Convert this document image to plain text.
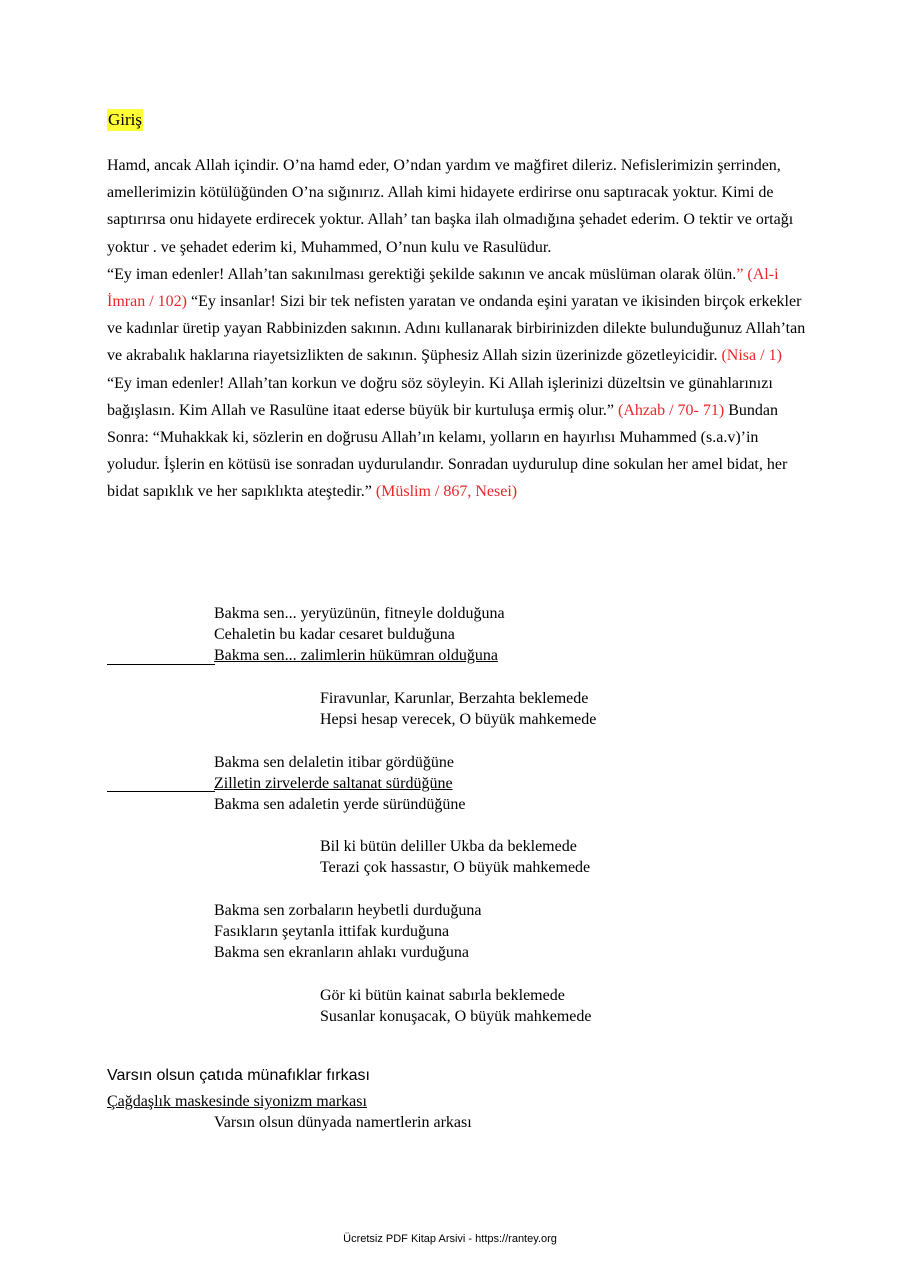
Giriş

Hamd, ancak Allah içindir. O’na hamd eder, O’ndan yardım ve mağfiret dileriz. Nefislerimizin şerrinden, amellerimizin kötülüğünden O’na sığınırız. Allah kimi hidayete erdirirse onu saptıracak yoktur. Kimi de saptırırsa onu hidayete erdirecek yoktur. Allah’ tan başka ilah olmadığına şehadet ederim. O tektir ve ortağı yoktur . ve şehadet ederim ki, Muhammed, O’nun kulu ve Rasulüdur.
“Ey iman edenler! Allah’tan sakınılması gerektiği şekilde sakının ve ancak müslüman olarak ölün.” (Al-i İmran / 102) “Ey insanlar! Sizi bir tek nefisten yaratan ve ondanda eşini yaratan ve ikisinden birçok erkekler ve kadınlar üretip yayan Rabbinizden sakının. Adını kullanarak birbirinizden dilekte bulunduğunuz Allah’tan ve akrabalık haklarına riayetsizlikten de sakının. Şüphesiz Allah sizin üzerinizde gözetleyicidir. (Nisa / 1) “Ey iman edenler! Allah’tan korkun ve doğru söz söyleyin. Ki Allah işlerinizi düzeltsin ve günahlarınızı bağışlasın. Kim Allah ve Rasulüne itaat ederse büyük bir kurtuluşa ermiş olur.” (Ahzab / 70- 71) Bundan Sonra: “Muhakkak ki, sözlerin en doğrusu Allah’ın kelamı, yolların en hayırlısı Muhammed (s.a.v)’in yoludur. İşlerin en kötüsü ise sonradan uydurulandır. Sonradan uydurulup dine sokulan her amel bidat, her bidat sapıklık ve her sapıklıkta ateştedir.” (Müslim / 867, Nesei)

Bakma sen... yeryüzünün, fitneyle dolduğuna
Cehaletin bu kadar cesaret bulduğuna
Bakma sen... zalimlerin hükümran olduğuna
Firavunlar, Karunlar, Berzahta beklemede
Hepsi hesap verecek, O büyük mahkemede
Bakma sen delaletin itibar gördüğüne
Zilletin zirvelerde saltanat sürdüğüne
Bakma sen adaletin yerde süründüğüne
Bil ki bütün deliller Ukba da beklemede
Terazi çok hassastır, O büyük mahkemede
Bakma sen zorbaların heybetli durduğuna
Fasıkların şeytanla ittifak kurduğuna
Bakma sen ekranların ahlakı vurduğuna
Gör ki bütün kainat sabırla beklemede
Susanlar konuşacak, O büyük mahkemede
Varsın olsun çatıda münafıklar fırkası
Çağdaşlık maskesinde siyonizm markası
Varsın olsun dünyada namertlerin arkası
Ücretsiz PDF Kitap Arsivi - https://rantey.org
